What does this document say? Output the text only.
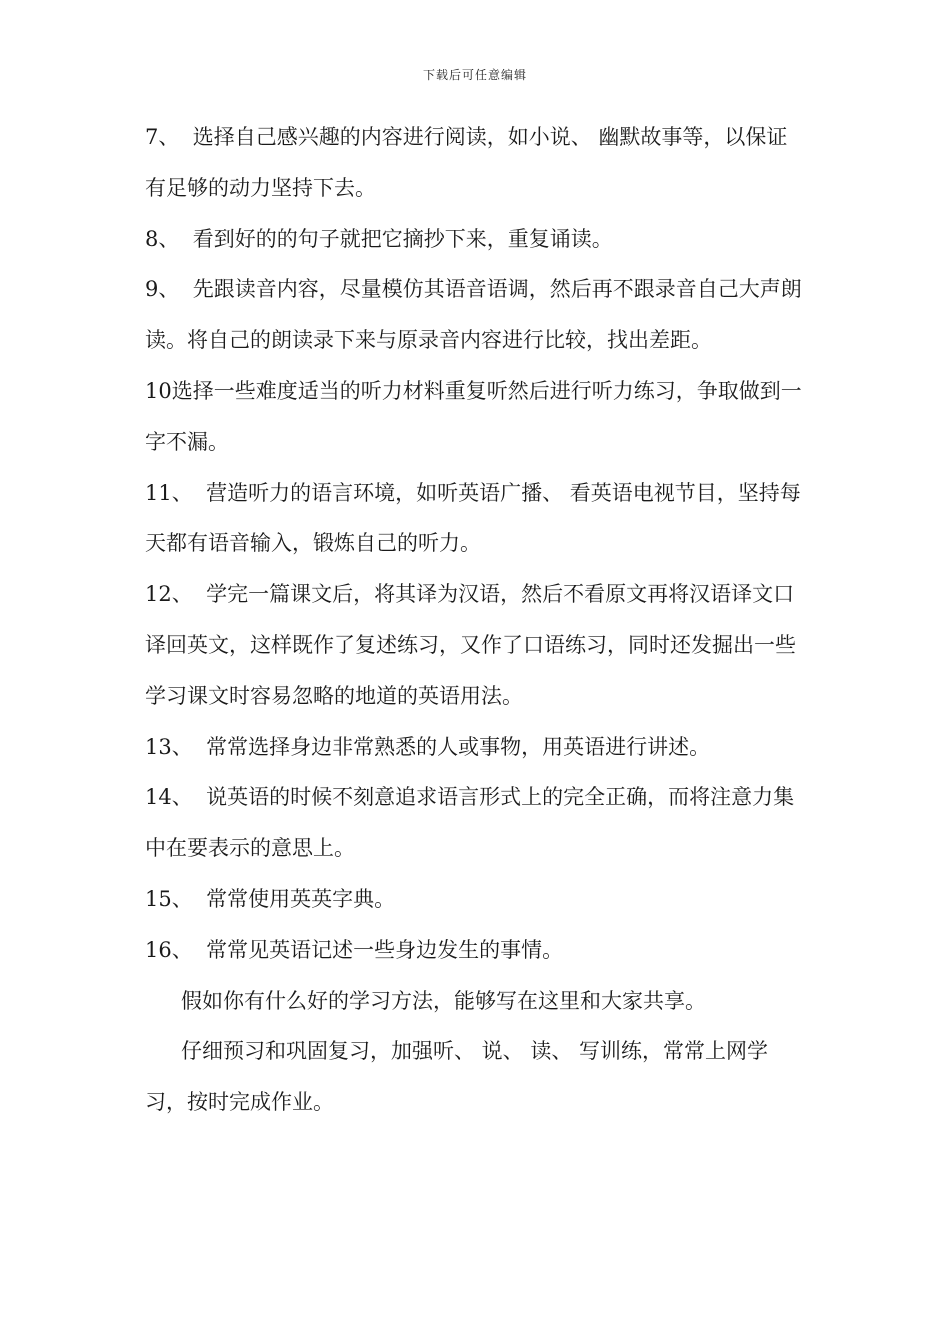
下载后可任意编辑

7、 选择自己感兴趣的内容进行阅读，如小说、 幽默故事等，以保证有足够的动力坚持下去。

8、 看到好的的句子就把它摘抄下来，重复诵读。

9、 先跟读音内容，尽量模仿其语音语调，然后再不跟录音自己大声朗读。将自己的朗读录下来与原录音内容进行比较，找出差距。

10选择一些难度适当的听力材料重复听然后进行听力练习，争取做到一字不漏。

11、 营造听力的语言环境，如听英语广播、 看英语电视节目，坚持每天都有语音输入，锻炼自己的听力。

12、 学完一篇课文后，将其译为汉语，然后不看原文再将汉语译文口译回英文，这样既作了复述练习，又作了口语练习，同时还发掘出一些学习课文时容易忽略的地道的英语用法。

13、 常常选择身边非常熟悉的人或事物，用英语进行讲述。

14、 说英语的时候不刻意追求语言形式上的完全正确，而将注意力集中在要表示的意思上。

15、 常常使用英英字典。

16、 常常见英语记述一些身边发生的事情。

假如你有什么好的学习方法，能够写在这里和大家共享。

仔细预习和巩固复习，加强听、 说、 读、 写训练，常常上网学习，按时完成作业。
